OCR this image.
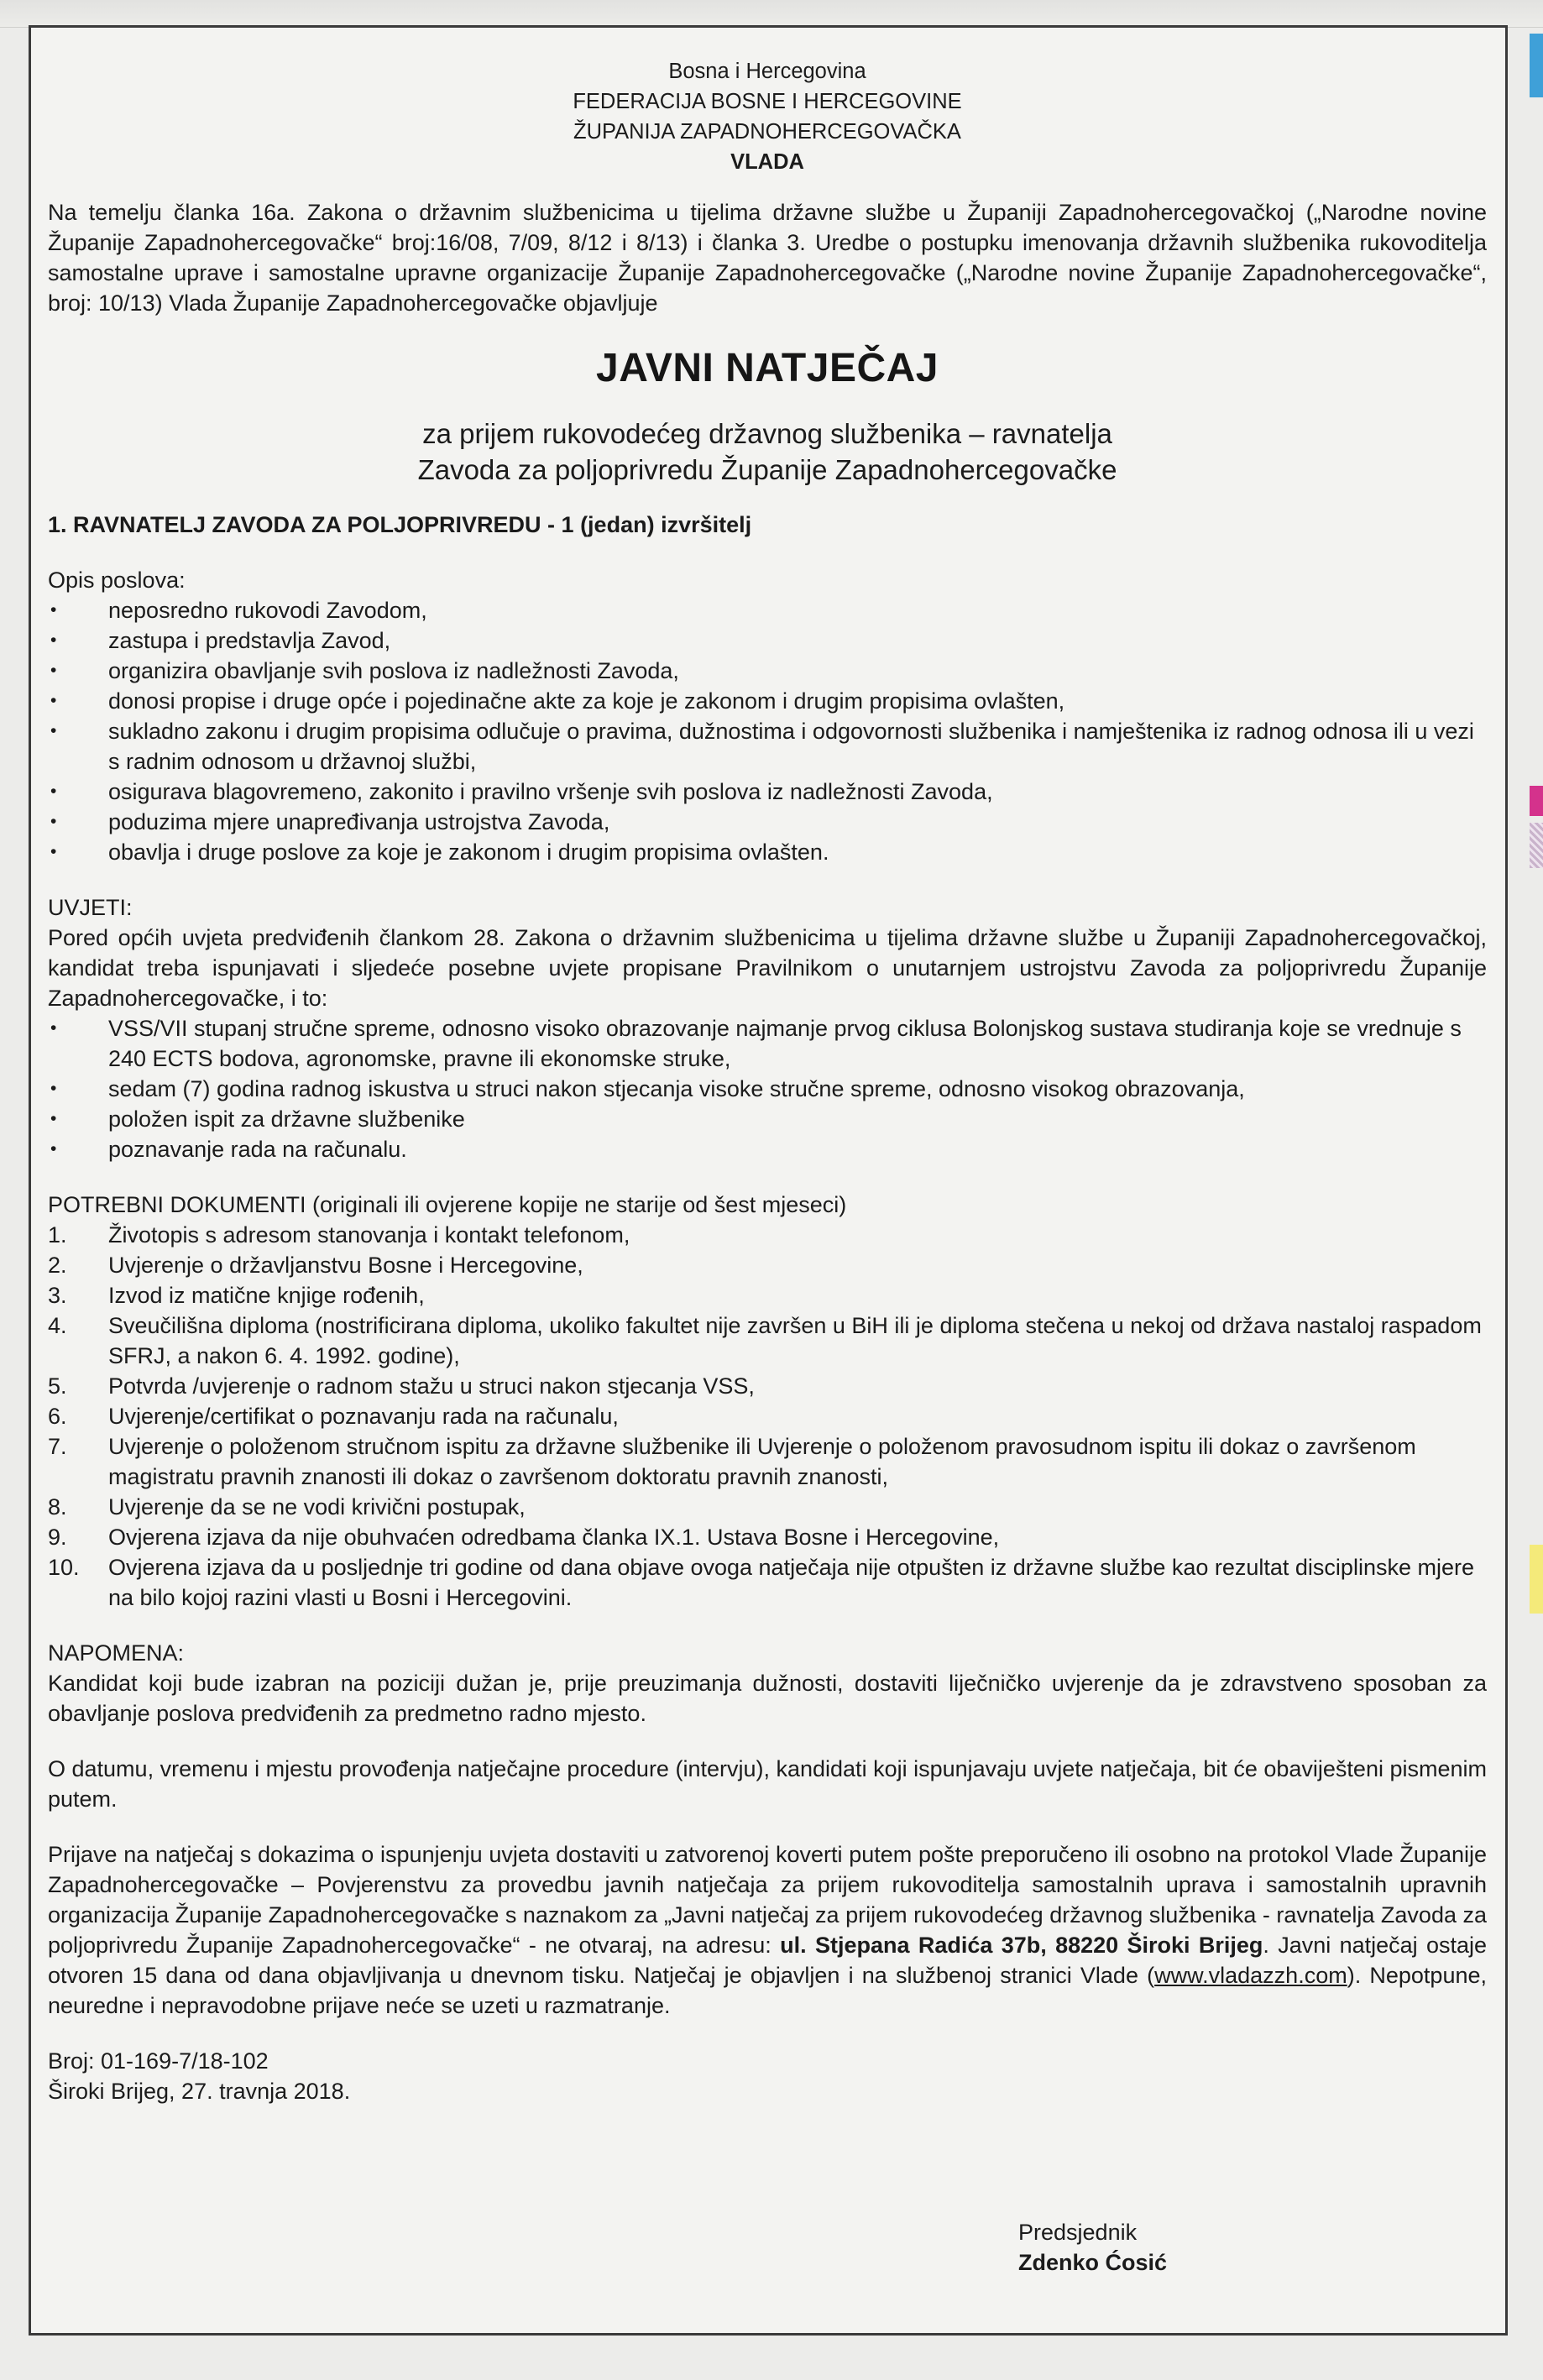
Bosna i Hercegovina
FEDERACIJA BOSNE I HERCEGOVINE
ŽUPANIJA ZAPADNOHERCEGOVAČKA
VLADA

Na temelju članka 16a. Zakona o državnim službenicima u tijelima državne službe u Županiji Zapadnohercegovačkoj („Narodne novine Županije Zapadnohercegovačke“ broj:16/08, 7/09, 8/12 i 8/13) i članka 3. Uredbe o postupku imenovanja državnih službenika rukovoditelja samostalne uprave i samostalne upravne organizacije Županije Zapadnohercegovačke („Narodne novine Županije Zapadnohercegovačke“, broj: 10/13) Vlada Županije Zapadnohercegovačke objavljuje

JAVNI NATJEČAJ
za prijem rukovodećeg državnog službenika – ravnatelja
Zavoda za poljoprivredu Županije Zapadnohercegovačke
1. RAVNATELJ ZAVODA ZA POLJOPRIVREDU - 1 (jedan) izvršitelj
Opis poslova:
• neposredno rukovodi Zavodom,
• zastupa i predstavlja Zavod,
• organizira obavljanje svih poslova iz nadležnosti Zavoda,
• donosi propise i druge opće i pojedinačne akte za koje je zakonom i drugim propisima ovlašten,
• sukladno zakonu i drugim propisima odlučuje o pravima, dužnostima i odgovornosti službenika i namještenika iz radnog odnosa ili u vezi s radnim odnosom u državnoj službi,
• osigurava blagovremeno, zakonito i pravilno vršenje svih poslova iz nadležnosti Zavoda,
• poduzima mjere unapređivanja ustrojstva Zavoda,
• obavlja i druge poslove za koje je zakonom i drugim propisima ovlašten.
UVJETI:

Pored općih uvjeta predviđenih člankom 28. Zakona o državnim službenicima u tijelima državne službe u Županiji Zapadnohercegovačkoj, kandidat treba ispunjavati i sljedeće posebne uvjete propisane Pravilnikom o unutarnjem ustrojstvu Zavoda za poljoprivredu Županije Zapadnohercegovačke, i to:

• VSS/VII stupanj stručne spreme, odnosno visoko obrazovanje najmanje prvog ciklusa Bolonjskog sustava studiranja koje se vrednuje s 240 ECTS bodova, agronomske, pravne ili ekonomske struke,
• sedam (7) godina radnog iskustva u struci nakon stjecanja visoke stručne spreme, odnosno visokog obrazovanja,
• položen ispit za državne službenike
• poznavanje rada na računalu.
POTREBNI DOKUMENTI (originali ili ovjerene kopije ne starije od šest mjeseci)
1. Životopis s adresom stanovanja i kontakt telefonom,
2. Uvjerenje o državljanstvu Bosne i Hercegovine,
3. Izvod iz matične knjige rođenih,
4. Sveučilišna diploma (nostrificirana diploma, ukoliko fakultet nije završen u BiH ili je diploma stečena u nekoj od država nastaloj raspadom SFRJ, a nakon 6. 4. 1992. godine),
5. Potvrda /uvjerenje o radnom stažu u struci nakon stjecanja VSS,
6. Uvjerenje/certifikat o poznavanju rada na računalu,
7. Uvjerenje o položenom stručnom ispitu za državne službenike ili Uvjerenje o položenom pravosudnom ispitu ili dokaz o završenom magistratu pravnih znanosti ili dokaz o završenom doktoratu pravnih znanosti,
8. Uvjerenje da se ne vodi krivični postupak,
9. Ovjerena izjava da nije obuhvaćen odredbama članka IX.1. Ustava Bosne i Hercegovine,
10. Ovjerena izjava da u posljednje tri godine od dana objave ovoga natječaja nije otpušten iz državne službe kao rezultat disciplinske mjere na bilo kojoj razini vlasti u Bosni i Hercegovini.
NAPOMENA:

Kandidat koji bude izabran na poziciji dužan je, prije preuzimanja dužnosti, dostaviti liječničko uvjerenje da je zdravstveno sposoban za obavljanje poslova predviđenih za predmetno radno mjesto.

O datumu, vremenu i mjestu provođenja natječajne procedure (intervju), kandidati koji ispunjavaju uvjete natječaja, bit će obaviješteni pismenim putem.

Prijave na natječaj s dokazima o ispunjenju uvjeta dostaviti u zatvorenoj koverti putem pošte preporučeno ili osobno na protokol Vlade Županije Zapadnohercegovačke – Povjerenstvu za provedbu javnih natječaja za prijem rukovoditelja samostalnih uprava i samostalnih upravnih organizacija Županije Zapadnohercegovačke s naznakom za „Javni natječaj za prijem rukovodećeg državnog službenika - ravnatelja Zavoda za poljoprivredu Županije Zapadnohercegovačke“ - ne otvaraj, na adresu: ul. Stjepana Radića 37b, 88220 Široki Brijeg. Javni natječaj ostaje otvoren 15 dana od dana objavljivanja u dnevnom tisku. Natječaj je objavljen i na službenoj stranici Vlade (www.vladazzh.com). Nepotpune, neuredne i nepravodobne prijave neće se uzeti u razmatranje.

Broj: 01-169-7/18-102
Široki Brijeg, 27. travnja 2018.
Predsjednik
Zdenko Ćosić
